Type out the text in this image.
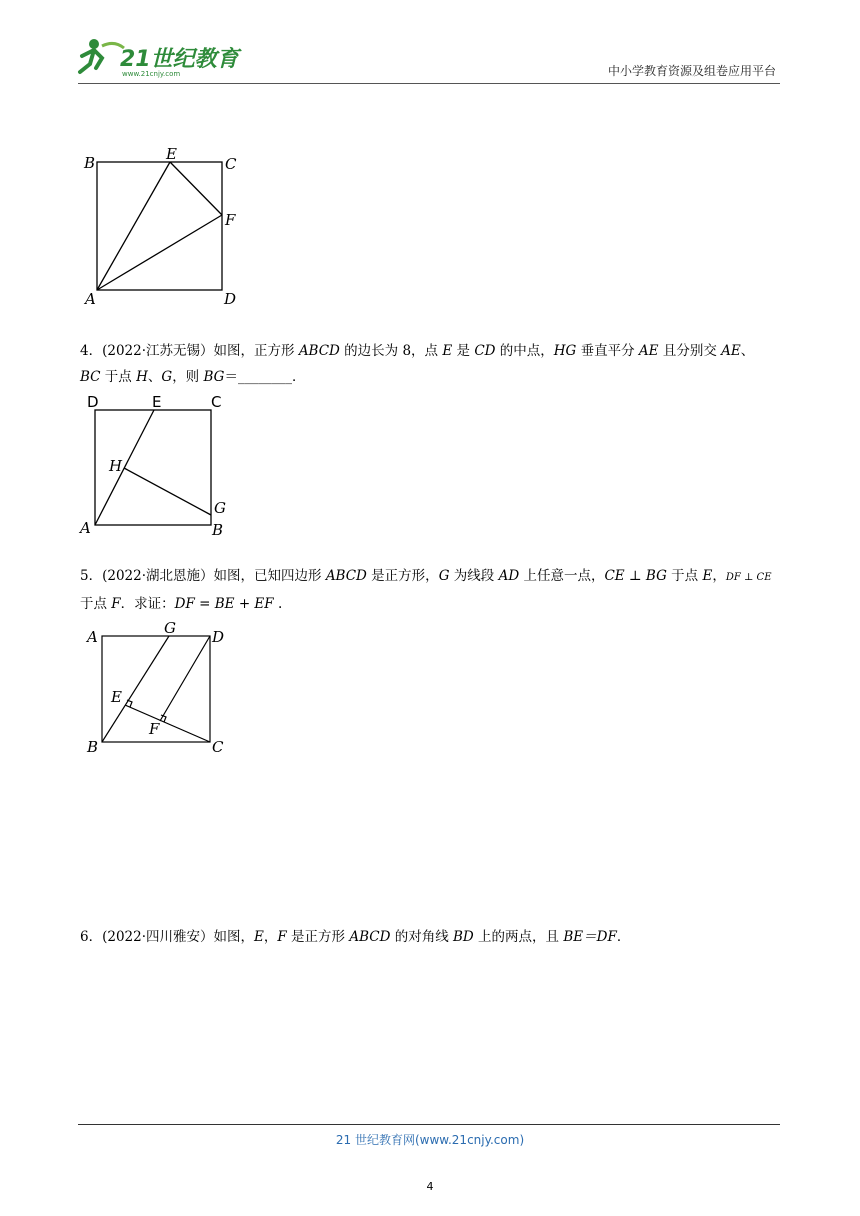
21世纪教育
www.21cnjy.com	中小学教育资源及组卷应用平台
B	E
C
F
A	D
4．(2022·江苏无锡）如图，正方形 ABCD 的边长为 8，点 E 是 CD 的中点，HG 垂直平分 AE 且分别交 AE、
BC 于点 H、G，则 BG＝________．
D	E	C
H
G
A	B
5．(2022·湖北恩施）如图，已知四边形 ABCD 是正方形，G 为线段 AD 上任意一点，CE ⊥ BG 于点 E，DF ⊥ CE
于点 F．求证：DF = BE + EF .
A	G D
E
F
B	C
6．(2022·四川雅安）如图，E，F 是正方形 ABCD 的对角线 BD 上的两点，且 BE＝DF．
21 世纪教育网(www.21cnjy.com)
4
